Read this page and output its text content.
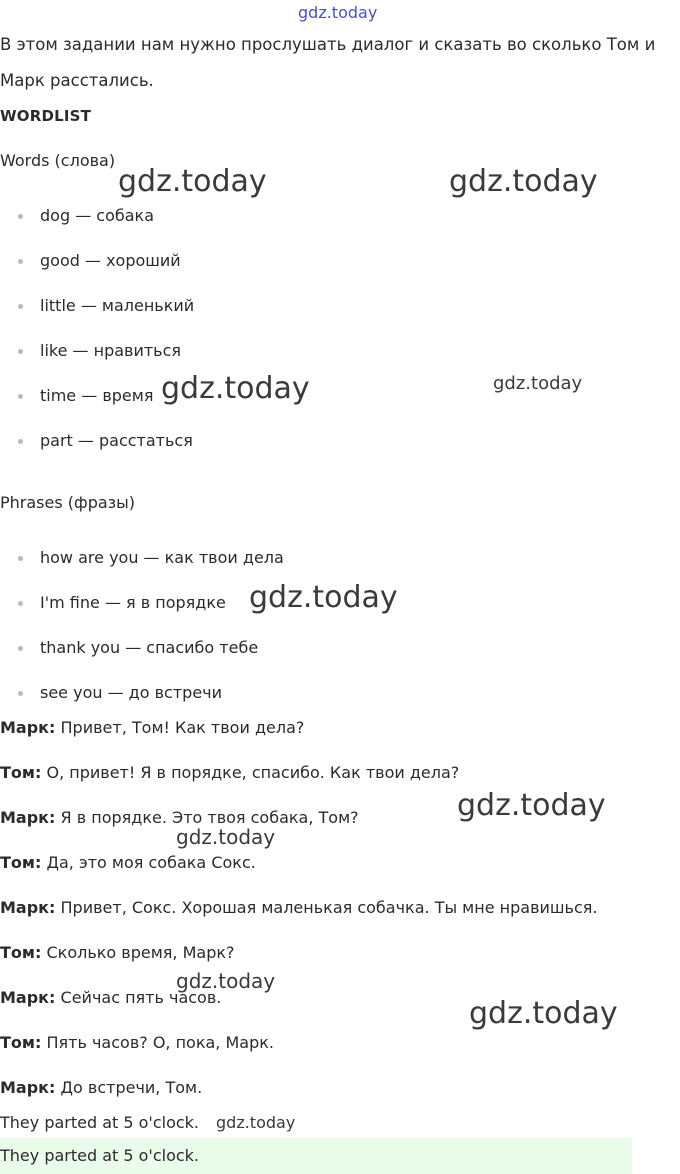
gdz.today
В этом задании нам нужно прослушать диалог и сказать во сколько Том и
Марк расстались.
WORDLIST
Words (слова)
dog — собака
good — хороший
little — маленький
like — нравиться
time — время
part — расстаться
Phrases (фразы)
how are you — как твои дела
I'm fine — я в порядке
thank you — спасибо тебе
see you — до встречи
Марк: Привет, Том! Как твои дела?
Том: О, привет! Я в порядке, спасибо. Как твои дела?
Марк: Я в порядке. Это твоя собака, Том?
Том: Да, это моя собака Сокс.
Марк: Привет, Сокс. Хорошая маленькая собачка. Ты мне нравишься.
Том: Сколько время, Марк?
Марк: Сейчас пять часов.
Том: Пять часов? О, пока, Марк.
Марк: До встречи, Том.
They parted at 5 o'clock.
They parted at 5 o'clock.
gdz.today	gdz.today
gdz.today	gdz.today
gdz.today
gdz.today
gdz.today
gdz.today
gdz.today
gdz.today
